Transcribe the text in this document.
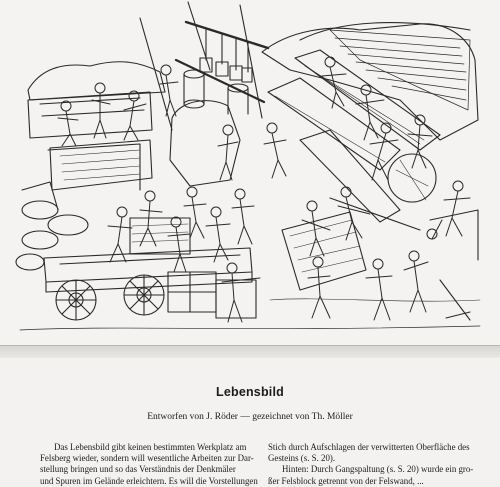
Lebensbild
Entworfen von J. Röder — gezeichnet von Th. Möller
Das Lebensbild gibt keinen bestimmten Werkplatz am
Felsberg wieder, sondern will wesentliche Arbeiten zur Dar-
stellung bringen und so das Verständnis der Denkmäler
und Spuren im Gelände erleichtern. Es will die Vorstellungen
Stich durch Aufschlagen der verwitterten Oberfläche des
Gesteins (s. S. 20).
Hinten: Durch Gangspaltung (s. S. 20) wurde ein gro-
ßer Felsblock getrennt von der Felswand, ...
